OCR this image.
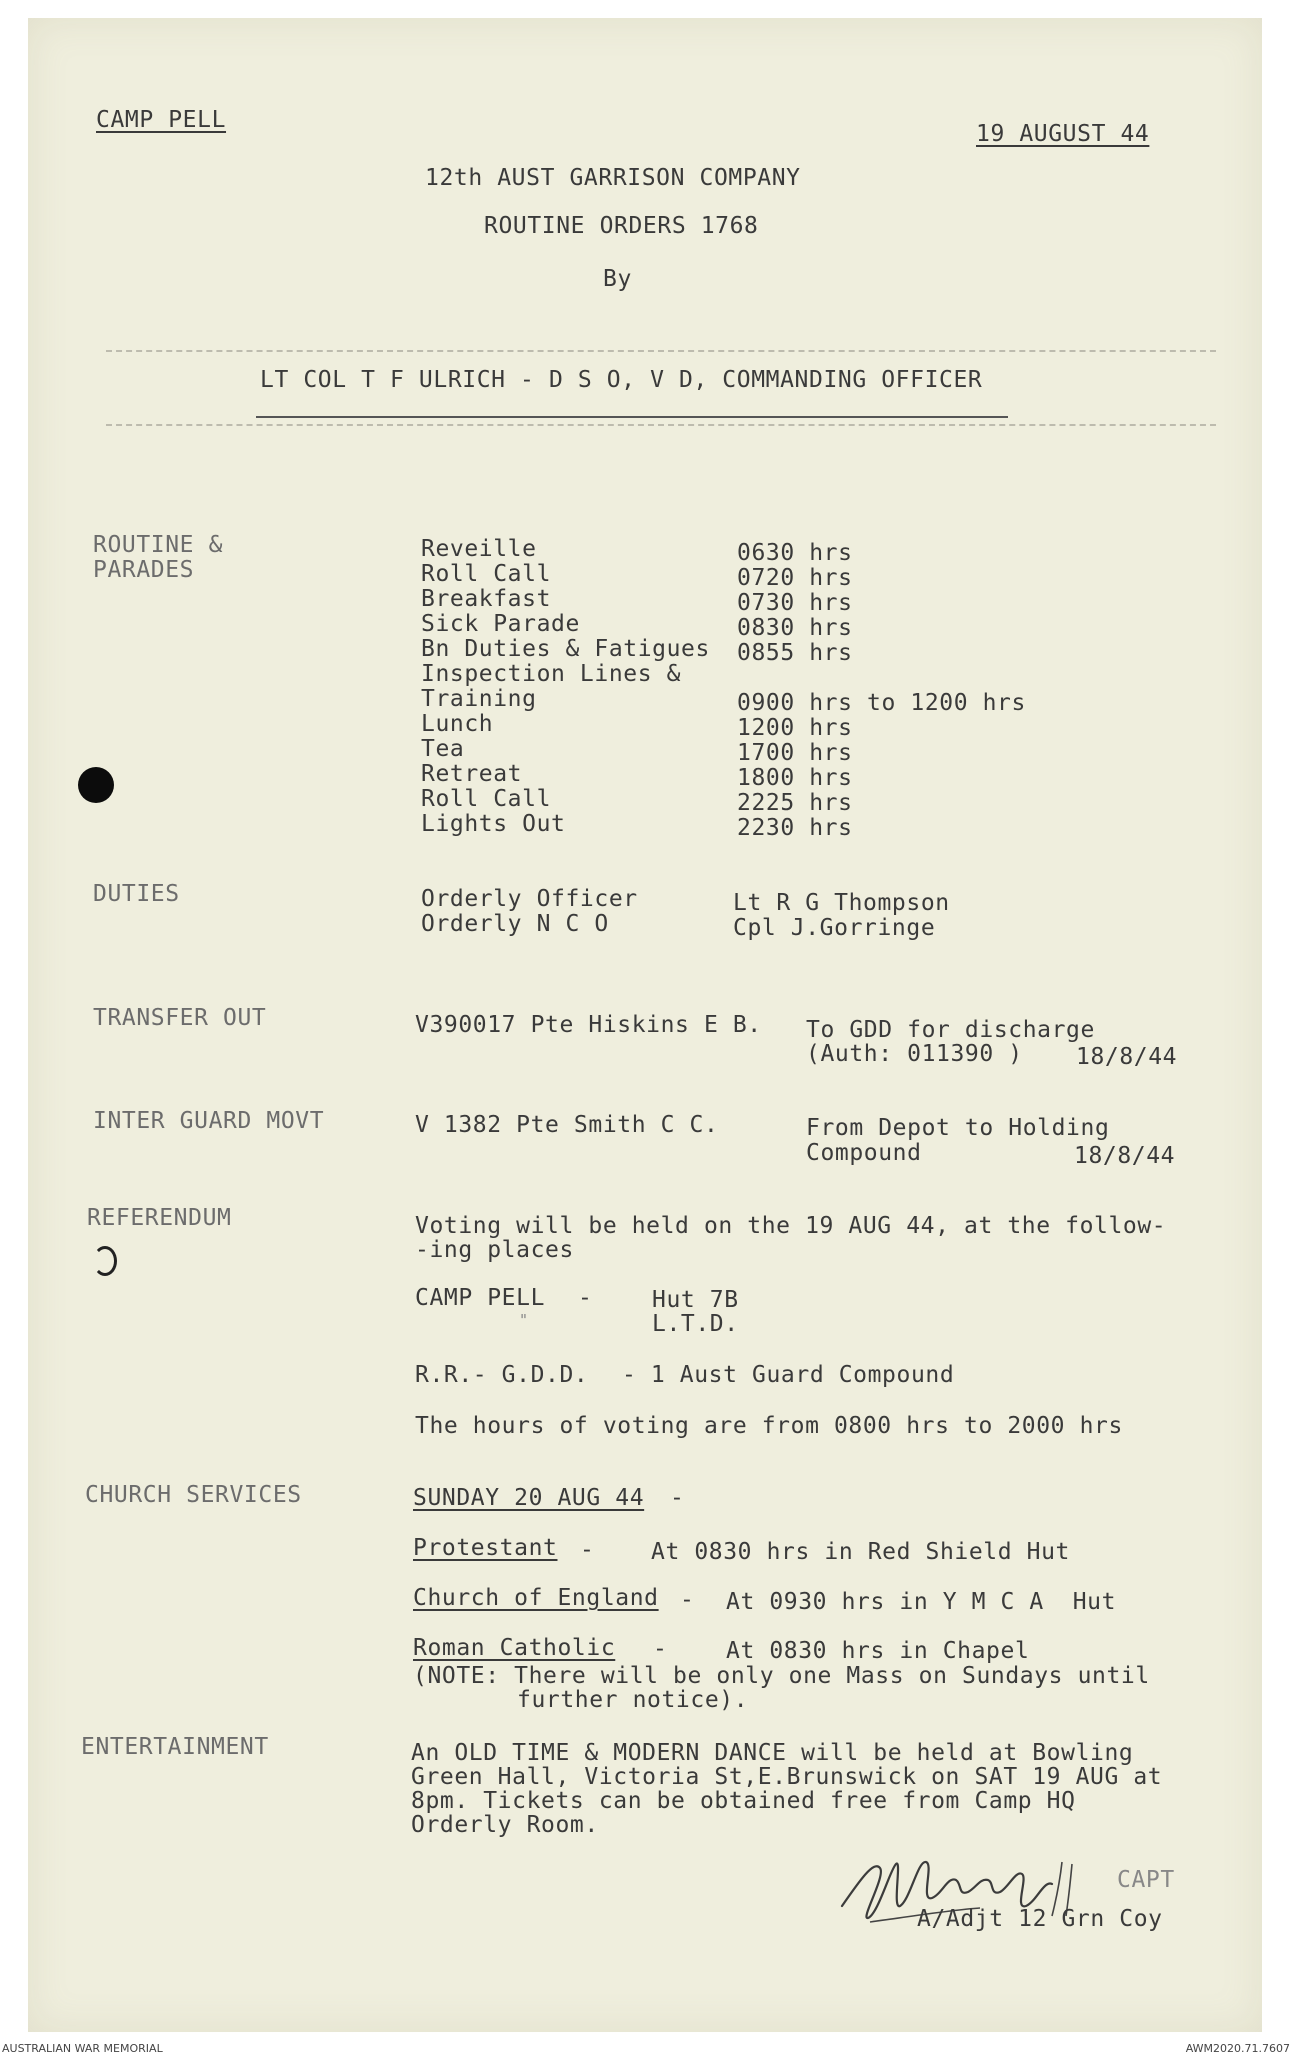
CAMP PELL
19 AUGUST 44
12th AUST GARRISON COMPANY
ROUTINE ORDERS 1768
By
LT COL T F ULRICH - D S O, V D, COMMANDING OFFICER
ROUTINE &
PARADES
Reveille	0630 hrs
Roll Call	0720 hrs
Breakfast	0730 hrs
Sick Parade	0830 hrs
Bn Duties & Fatigues 0855 hrs
Inspection Lines &
Training	0900 hrs to 1200 hrs
Lunch	1200 hrs
Tea	1700 hrs
Retreat	1800 hrs
Roll Call	2225 hrs
Lights Out	2230 hrs
DUTIES	Orderly Officer	Lt R G Thompson
Orderly N C O	Cpl J.Gorringe
TRANSFER OUT	V390017 Pte Hiskins E B. To GDD for discharge
(Auth: 011390 ) 18/8/44
INTER GUARD MOVT	V 1382 Pte Smith C C.	From Depot to Holding
Compound	18/8/44
REFERENDUM	Voting will be held on the 19 AUG 44, at the follow-
-ing places
CAMP PELL -	Hut 7B
"	L.T.D.
R.R.- G.D.D. - 1 Aust Guard Compound
The hours of voting are from 0800 hrs to 2000 hrs
CHURCH SERVICES	SUNDAY 20 AUG 44 -
Protestant - At 0830 hrs in Red Shield Hut
Church of England - At 0930 hrs in Y M C A  Hut
Roman Catholic -	At 0830 hrs in Chapel
(NOTE: There will be only one Mass on Sundays until
further notice).
ENTERTAINMENT	An OLD TIME & MODERN DANCE will be held at Bowling
Green Hall, Victoria St,E.Brunswick on SAT 19 AUG at
8pm. Tickets can be obtained free from Camp HQ
Orderly Room.
CAPT
A/Adjt 12 Grn Coy
AUSTRALIAN WAR MEMORIAL	AWM2020.71.7607
